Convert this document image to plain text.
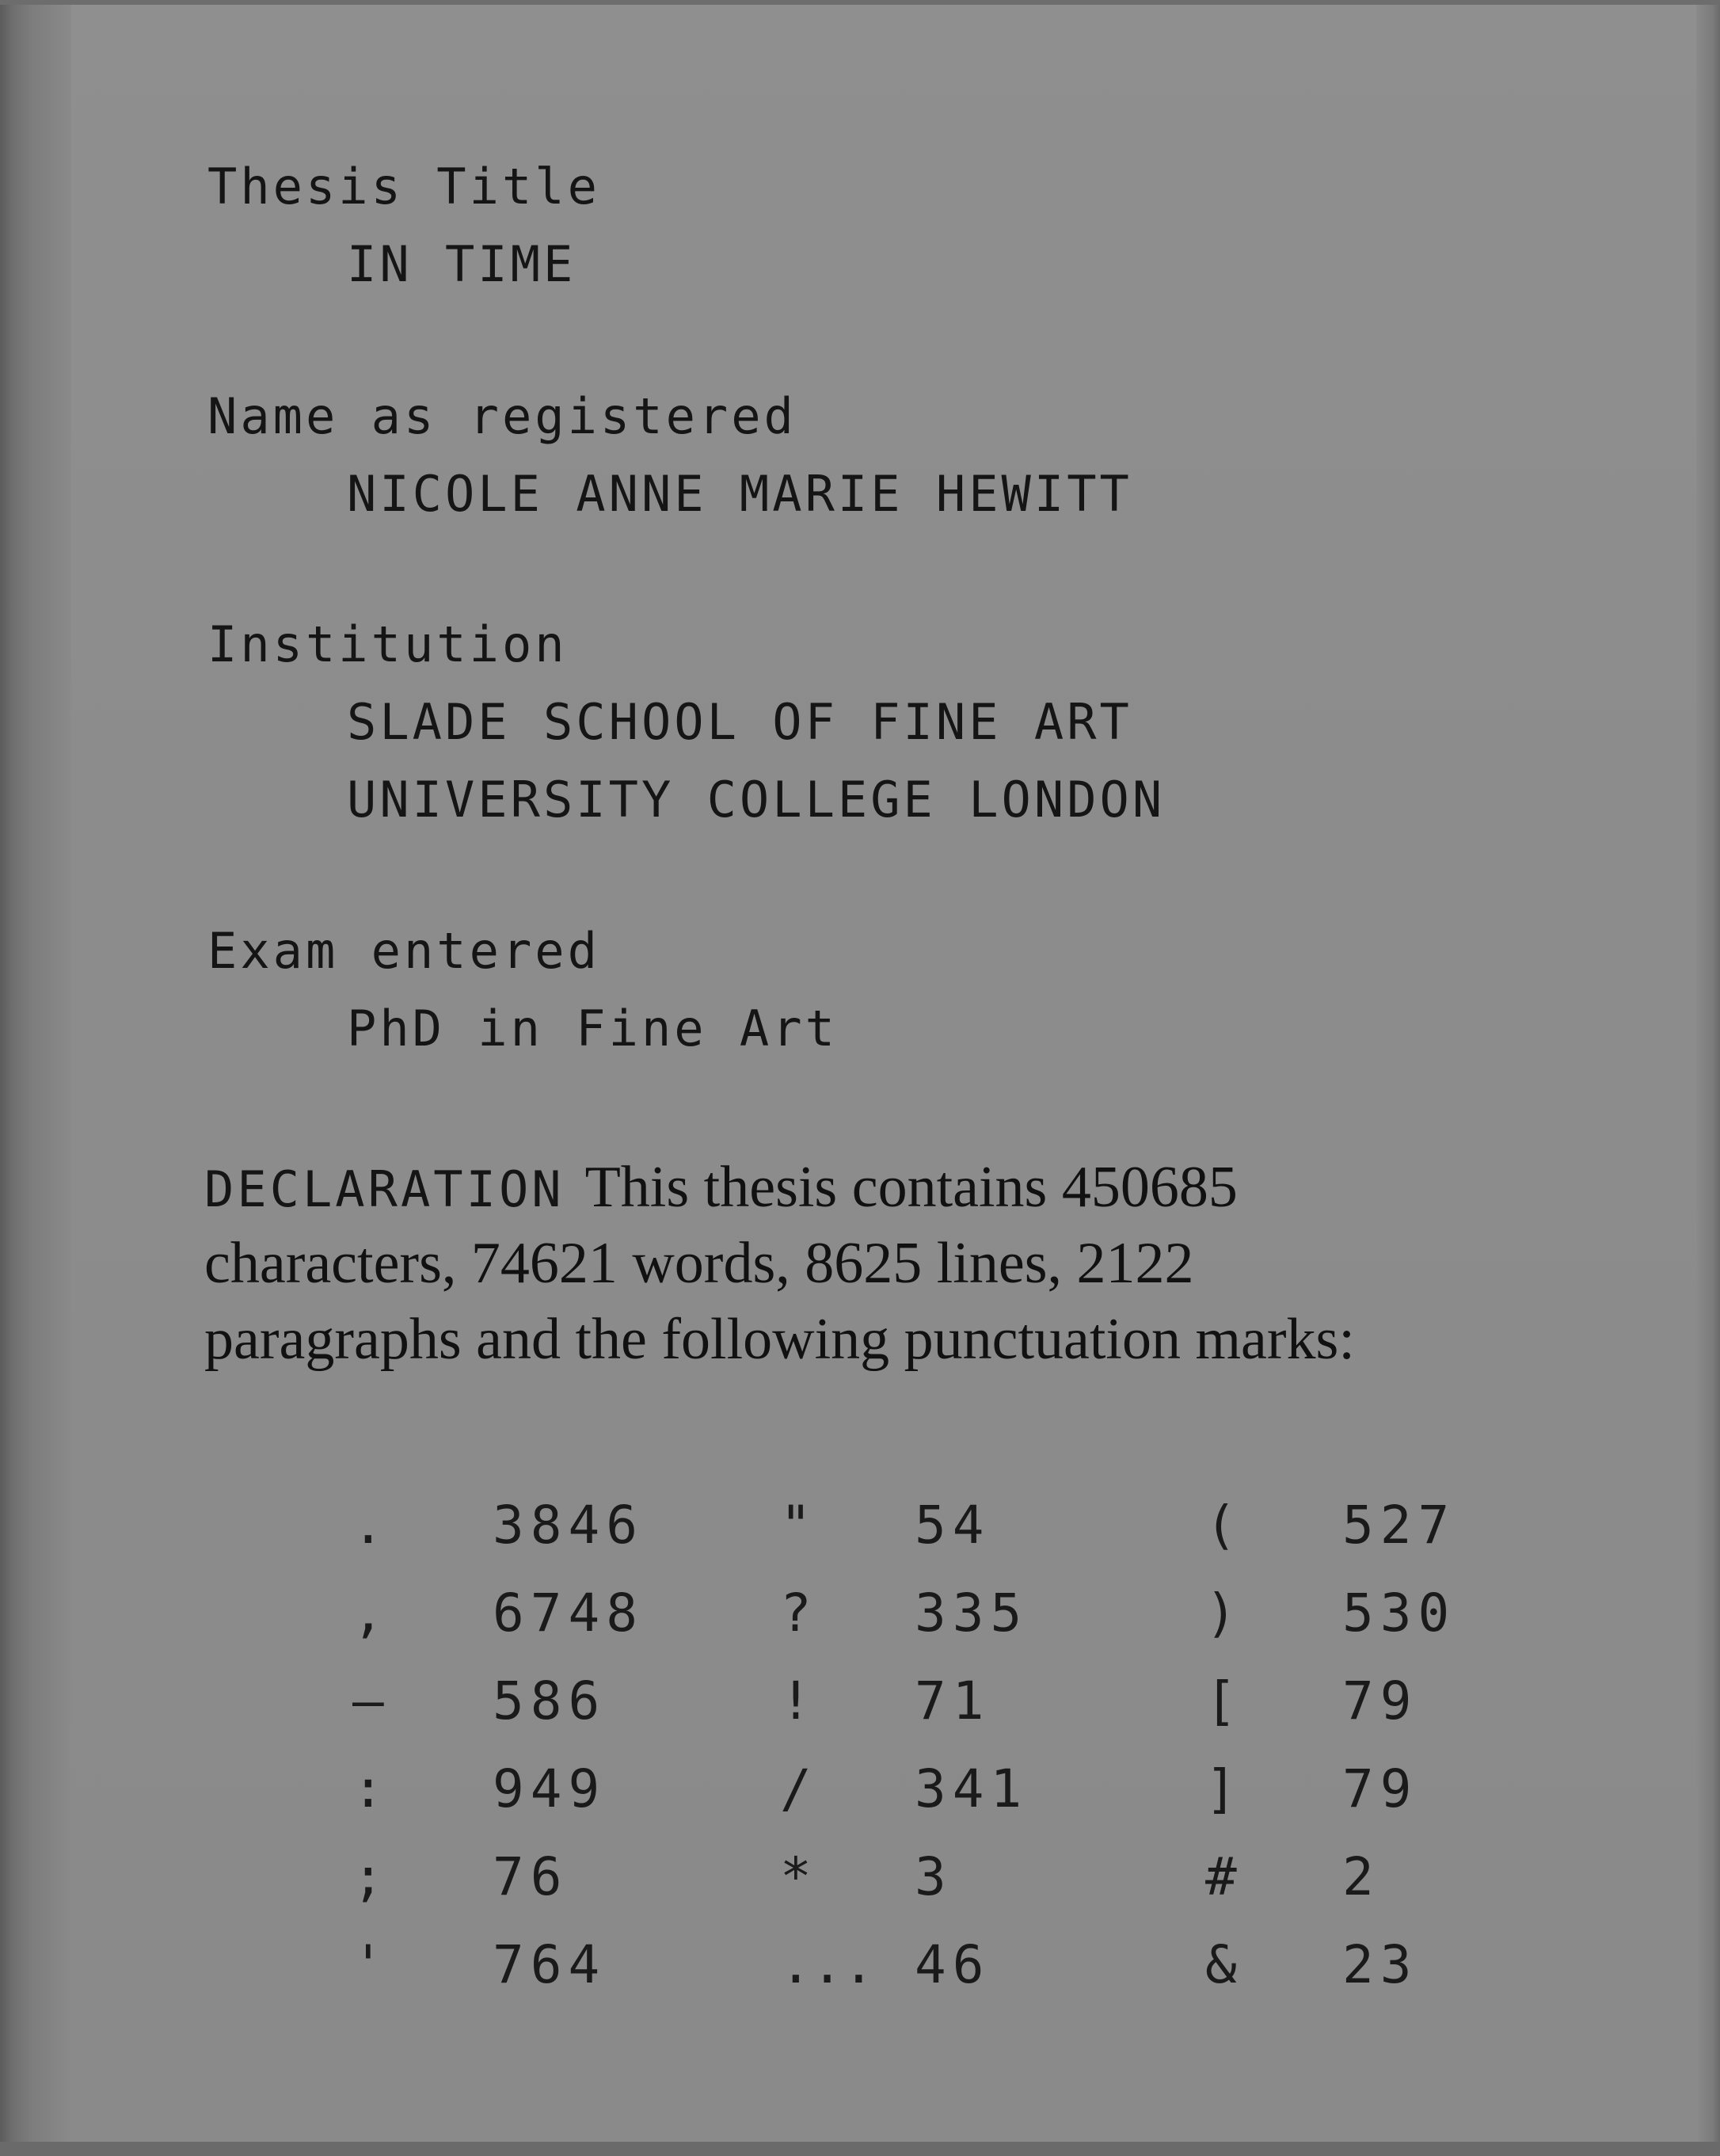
Thesis Title
IN TIME
Name as registered
NICOLE ANNE MARIE HEWITT
Institution
SLADE SCHOOL OF FINE ART
UNIVERSITY COLLEGE LONDON
Exam entered
PhD in Fine Art
DECLARATION This thesis contains 450685
characters, 74621 words, 8625 lines, 2122
paragraphs and the following punctuation marks:
. 3846	" 54	( 527
, 6748	? 335	) 530
— 586	! 71	[ 79
: 949	/ 341	] 79
; 76	* 3	# 2
' 764	... 46	& 23
